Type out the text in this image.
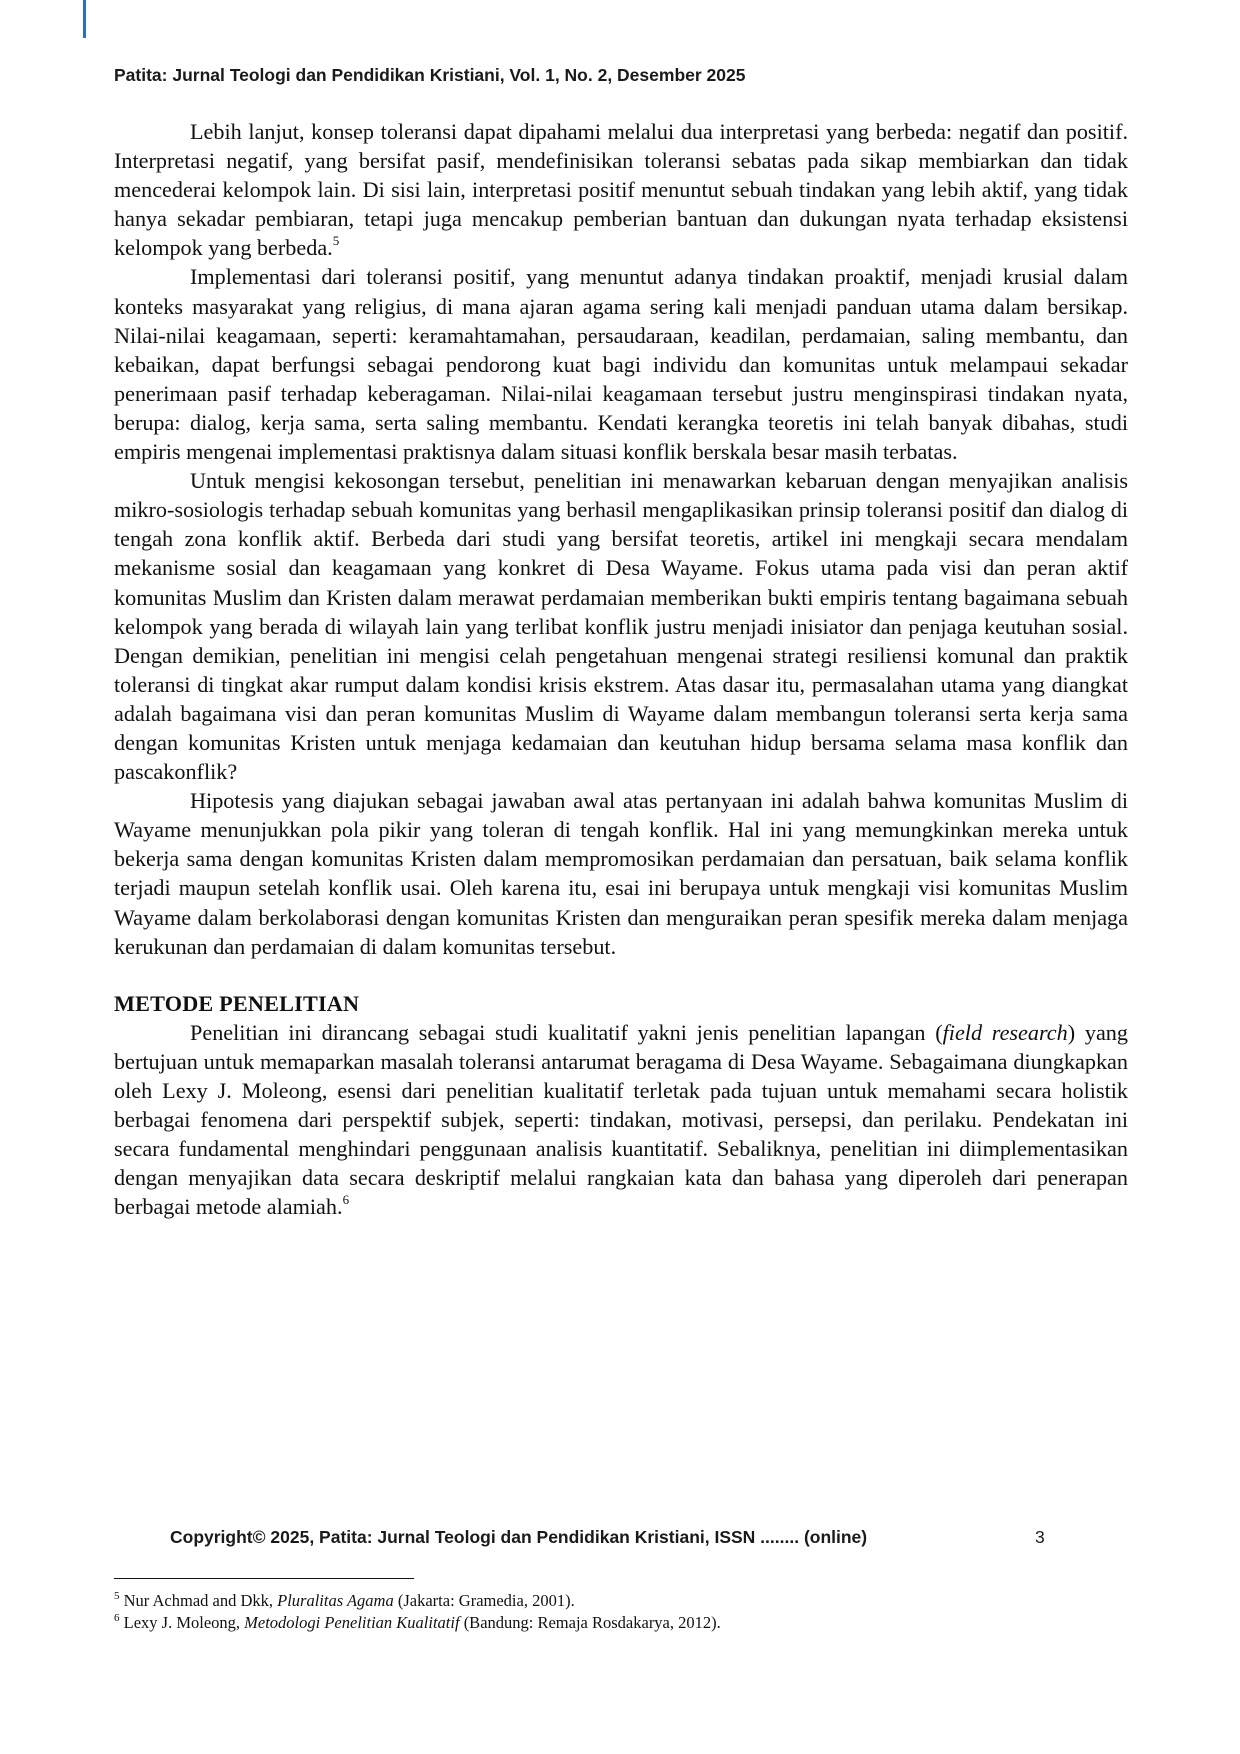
Patita: Jurnal Teologi dan Pendidikan Kristiani, Vol. 1, No. 2, Desember 2025

Lebih lanjut, konsep toleransi dapat dipahami melalui dua interpretasi yang berbeda: negatif dan positif. Interpretasi negatif, yang bersifat pasif, mendefinisikan toleransi sebatas pada sikap membiarkan dan tidak mencederai kelompok lain. Di sisi lain, interpretasi positif menuntut sebuah tindakan yang lebih aktif, yang tidak hanya sekadar pembiaran, tetapi juga mencakup pemberian bantuan dan dukungan nyata terhadap eksistensi kelompok yang berbeda.$^5$

Implementasi dari toleransi positif, yang menuntut adanya tindakan proaktif, menjadi krusial dalam konteks masyarakat yang religius, di mana ajaran agama sering kali menjadi panduan utama dalam bersikap. Nilai-nilai keagamaan, seperti: keramahtamahan, persaudaraan, keadilan, perdamaian, saling membantu, dan kebaikan, dapat berfungsi sebagai pendorong kuat bagi individu dan komunitas untuk melampaui sekadar penerimaan pasif terhadap keberagaman. Nilai-nilai keagamaan tersebut justru menginspirasi tindakan nyata, berupa: dialog, kerja sama, serta saling membantu. Kendati kerangka teoretis ini telah banyak dibahas, studi empiris mengenai implementasi praktisnya dalam situasi konflik berskala besar masih terbatas.

Untuk mengisi kekosongan tersebut, penelitian ini menawarkan kebaruan dengan menyajikan analisis mikro-sosiologis terhadap sebuah komunitas yang berhasil mengaplikasikan prinsip toleransi positif dan dialog di tengah zona konflik aktif. Berbeda dari studi yang bersifat teoretis, artikel ini mengkaji secara mendalam mekanisme sosial dan keagamaan yang konkret di Desa Wayame. Fokus utama pada visi dan peran aktif komunitas Muslim dan Kristen dalam merawat perdamaian memberikan bukti empiris tentang bagaimana sebuah kelompok yang berada di wilayah lain yang terlibat konflik justru menjadi inisiator dan penjaga keutuhan sosial. Dengan demikian, penelitian ini mengisi celah pengetahuan mengenai strategi resiliensi komunal dan praktik toleransi di tingkat akar rumput dalam kondisi krisis ekstrem. Atas dasar itu, permasalahan utama yang diangkat adalah bagaimana visi dan peran komunitas Muslim di Wayame dalam membangun toleransi serta kerja sama dengan komunitas Kristen untuk menjaga kedamaian dan keutuhan hidup bersama selama masa konflik dan pascakonflik?

Hipotesis yang diajukan sebagai jawaban awal atas pertanyaan ini adalah bahwa komunitas Muslim di Wayame menunjukkan pola pikir yang toleran di tengah konflik. Hal ini yang memungkinkan mereka untuk bekerja sama dengan komunitas Kristen dalam mempromosikan perdamaian dan persatuan, baik selama konflik terjadi maupun setelah konflik usai. Oleh karena itu, esai ini berupaya untuk mengkaji visi komunitas Muslim Wayame dalam berkolaborasi dengan komunitas Kristen dan menguraikan peran spesifik mereka dalam menjaga kerukunan dan perdamaian di dalam komunitas tersebut.

METODE PENELITIAN

Penelitian ini dirancang sebagai studi kualitatif yakni jenis penelitian lapangan (field research) yang bertujuan untuk memaparkan masalah toleransi antarumat beragama di Desa Wayame. Sebagaimana diungkapkan oleh Lexy J. Moleong, esensi dari penelitian kualitatif terletak pada tujuan untuk memahami secara holistik berbagai fenomena dari perspektif subjek, seperti: tindakan, motivasi, persepsi, dan perilaku. Pendekatan ini secara fundamental menghindari penggunaan analisis kuantitatif. Sebaliknya, penelitian ini diimplementasikan dengan menyajikan data secara deskriptif melalui rangkaian kata dan bahasa yang diperoleh dari penerapan berbagai metode alamiah.$^6$

Copyright© 2025, Patita: Jurnal Teologi dan Pendidikan Kristiani, ISSN ........ (online)	3

$^5$ Nur Achmad and Dkk, Pluralitas Agama (Jakarta: Gramedia, 2001).

$^6$ Lexy J. Moleong, Metodologi Penelitian Kualitatif (Bandung: Remaja Rosdakarya, 2012).
